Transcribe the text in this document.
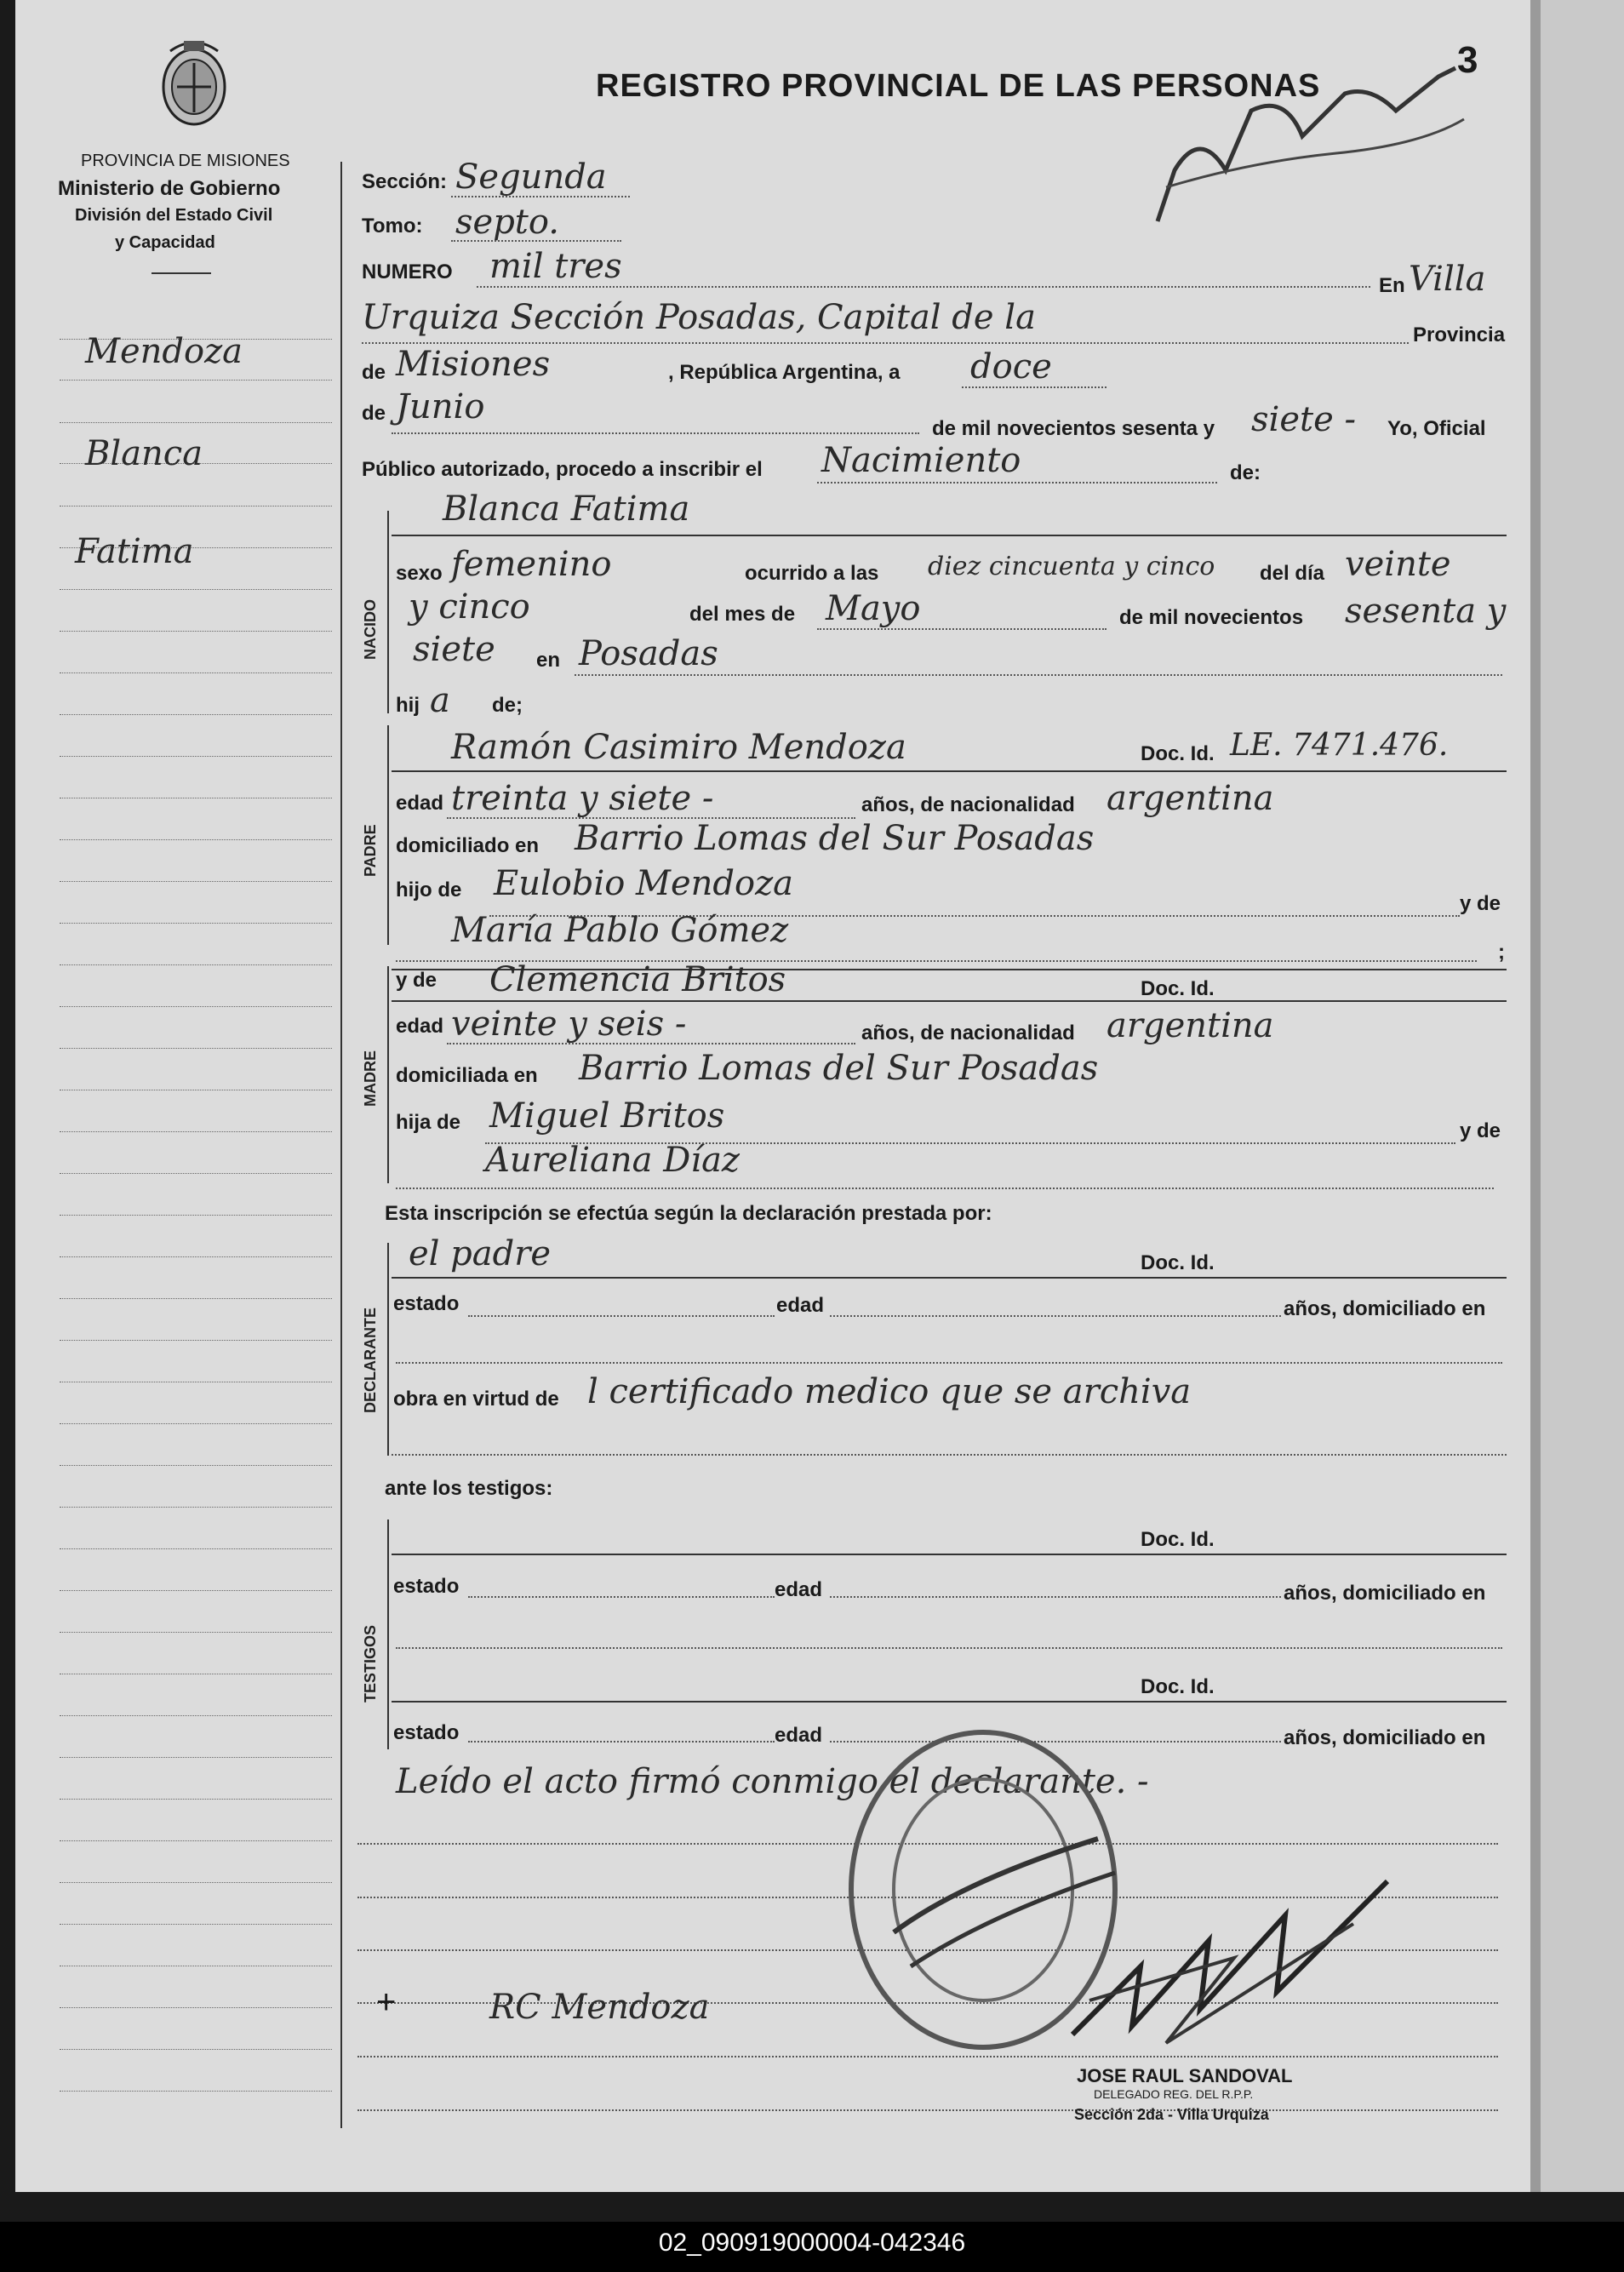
3
REGISTRO PROVINCIAL DE LAS PERSONAS
PROVINCIA DE MISIONES
Ministerio de Gobierno
División del Estado Civil
y Capacidad
Mendoza
Blanca
Fatima
Sección: Segunda
Tomo: septo.
NUMERO mil tres	En Villa
Urquiza Sección Posadas, Capital de la	Provincia
de Misiones	, República Argentina, a doce
de Junio
de mil novecientos sesenta y siete - Yo, Oficial
Público autorizado, procedo a inscribir el Nacimiento	de:
NACIDO
Blanca Fatima
sexo femenino	ocurrido a las diez cincuenta y cinco del día veinte
y cinco	del mes de Mayo	de mil novecientos sesenta y
siete en Posadas
hij a de;
PADRE
Ramón Casimiro Mendoza	Doc. Id. LE. 7471.476.
edad treinta y siete -	años, de nacionalidad argentina
domiciliado en Barrio Lomas del Sur Posadas
hijo de Eulobio Mendoza
y de
María Pablo Gómez
;
MADRE
y de Clemencia Britos	Doc. Id.
edad veinte y seis -	años, de nacionalidad argentina
domiciliada en Barrio Lomas del Sur Posadas
hija de Miguel Britos	y de
Aureliana Díaz
Esta inscripción se efectúa según la declaración prestada por:
DECLARANTE
el padre	Doc. Id.
estado	edad	años, domiciliado en
obra en virtud de l certificado medico que se archiva
ante los testigos:
TESTIGOS
Doc. Id.
estado	edad	años, domiciliado en
Doc. Id.
estado	edad	años, domiciliado en
Leído el acto firmó conmigo el declarante. -
+	RC Mendoza
JOSE RAUL SANDOVAL
DELEGADO REG. DEL R.P.P.
Sección 2da - Villa Urquiza
02_090919000004-042346
